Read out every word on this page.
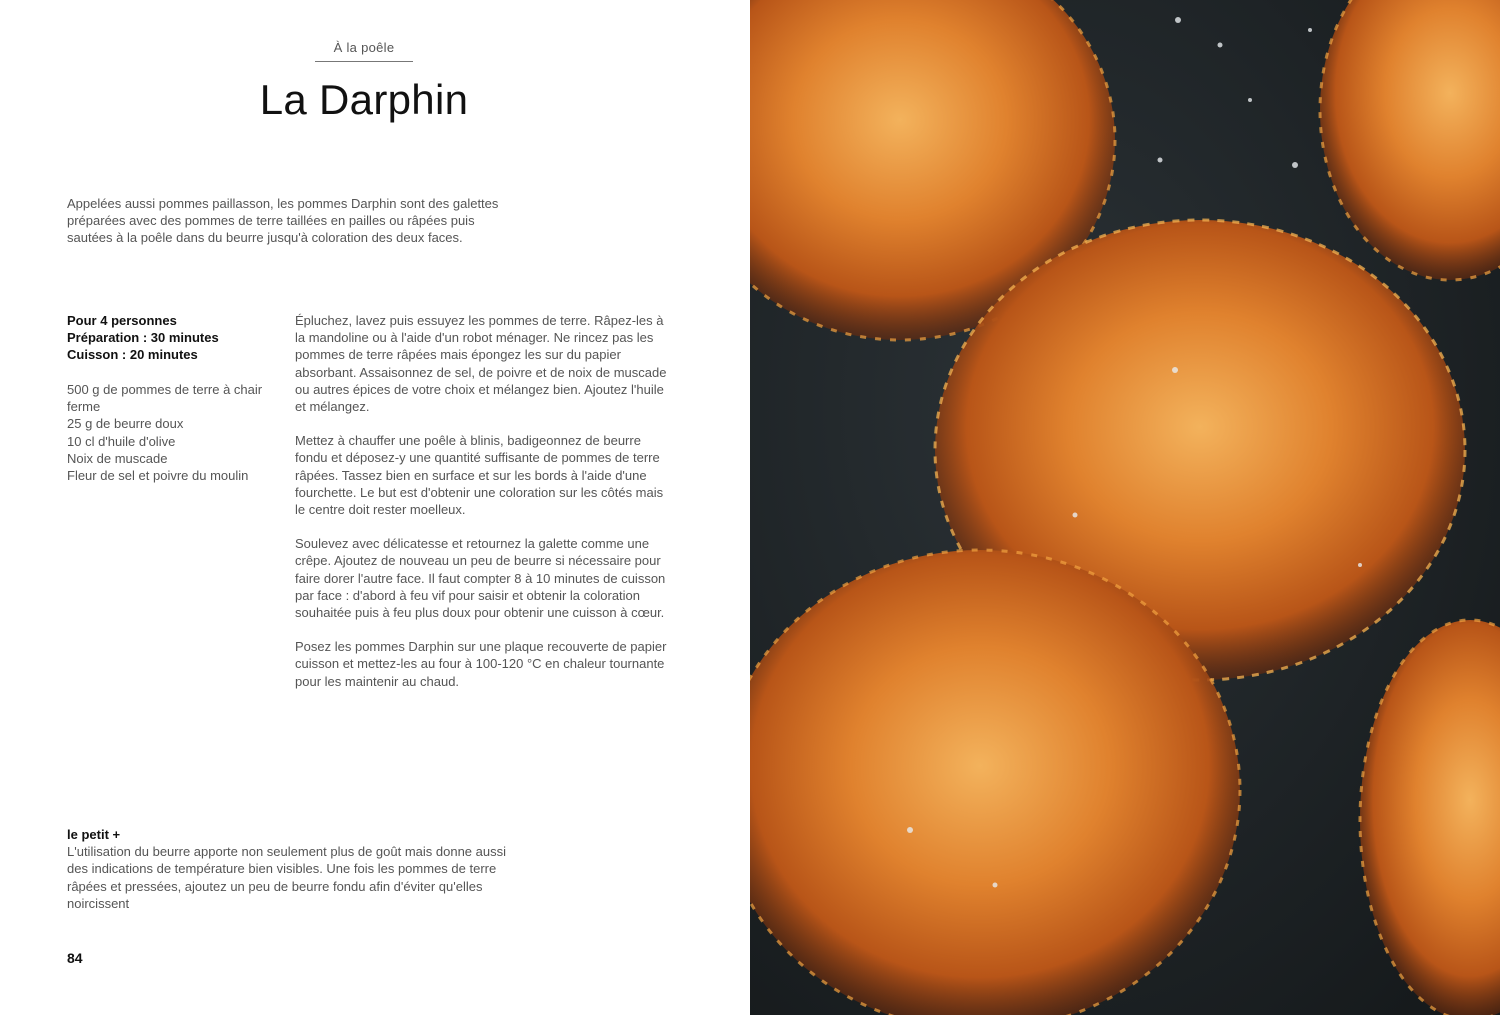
À la poêle
La Darphin

Appelées aussi pommes paillasson, les pommes Darphin sont des galettes préparées avec des pommes de terre taillées en pailles ou râpées puis sautées à la poêle dans du beurre jusqu'à coloration des deux faces.

Pour 4 personnes
Préparation : 30 minutes
Cuisson : 20 minutes
500 g de pommes de terre à chair ferme
25 g de beurre doux
10 cl d'huile d'olive
Noix de muscade
Fleur de sel et poivre du moulin

Épluchez, lavez puis essuyez les pommes de terre. Râpez-les à la mandoline ou à l'aide d'un robot ménager. Ne rincez pas les pommes de terre râpées mais épongez les sur du papier absorbant. Assaisonnez de sel, de poivre et de noix de muscade ou autres épices de votre choix et mélangez bien. Ajoutez l'huile et mélangez.

Mettez à chauffer une poêle à blinis, badigeonnez de beurre fondu et déposez-y une quantité suffisante de pommes de terre râpées. Tassez bien en surface et sur les bords à l'aide d'une fourchette. Le but est d'obtenir une coloration sur les côtés mais le centre doit rester moelleux.

Soulevez avec délicatesse et retournez la galette comme une crêpe. Ajoutez de nouveau un peu de beurre si nécessaire pour faire dorer l'autre face. Il faut compter 8 à 10 minutes de cuisson par face : d'abord à feu vif pour saisir et obtenir la coloration souhaitée puis à feu plus doux pour obtenir une cuisson à cœur.

Posez les pommes Darphin sur une plaque recouverte de papier cuisson et mettez-les au four à 100-120 °C en chaleur tournante pour les maintenir au chaud.

le petit +

L'utilisation du beurre apporte non seulement plus de goût mais donne aussi des indications de température bien visibles. Une fois les pommes de terre râpées et pressées, ajoutez un peu de beurre fondu afin d'éviter qu'elles noircissent

84
